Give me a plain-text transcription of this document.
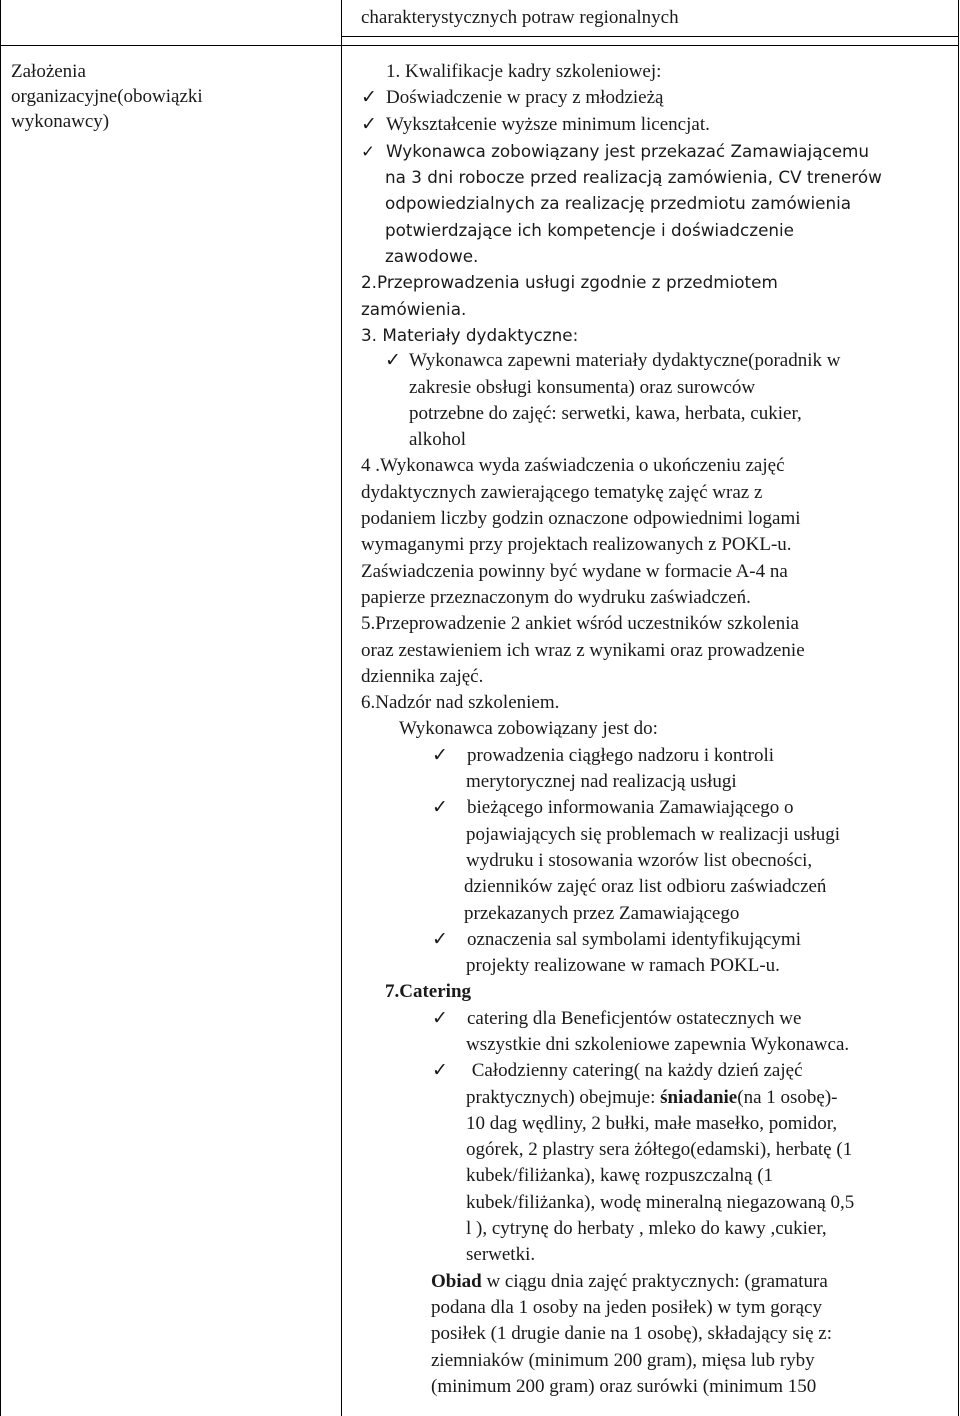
charakterystycznych potraw regionalnych
Założenia
organizacyjne(obowiązki
wykonawcy)
1. Kwalifikacje kadry szkoleniowej:
✓ Doświadczenie w pracy z młodzieżą
✓ Wykształcenie wyższe minimum licencjat.
✓ Wykonawca zobowiązany jest przekazać Zamawiającemu
na 3 dni robocze przed realizacją zamówienia, CV trenerów
odpowiedzialnych za realizację przedmiotu zamówienia
potwierdzające ich kompetencje i doświadczenie
zawodowe.
2.Przeprowadzenia usługi zgodnie z przedmiotem
zamówienia.
3. Materiały dydaktyczne:
✓ Wykonawca zapewni materiały dydaktyczne(poradnik w
zakresie obsługi konsumenta) oraz surowców
potrzebne do zajęć: serwetki, kawa, herbata, cukier,
alkohol
4 .Wykonawca wyda zaświadczenia o ukończeniu zajęć
dydaktycznych zawierającego tematykę zajęć wraz z
podaniem liczby godzin oznaczone odpowiednimi logami
wymaganymi przy projektach realizowanych z POKL-u.
Zaświadczenia powinny być wydane w formacie A-4 na
papierze przeznaczonym do wydruku zaświadczeń.
5.Przeprowadzenie 2 ankiet wśród uczestników szkolenia
oraz zestawieniem ich wraz z wynikami oraz prowadzenie
dziennika zajęć.
6.Nadzór nad szkoleniem.
Wykonawca zobowiązany jest do:
✓ prowadzenia ciągłego nadzoru i kontroli
merytorycznej nad realizacją usługi
✓ bieżącego informowania Zamawiającego o
pojawiających się problemach w realizacji usługi
wydruku i stosowania wzorów list obecności,
dzienników zajęć oraz list odbioru zaświadczeń
przekazanych przez Zamawiającego
✓ oznaczenia sal symbolami identyfikującymi
projekty realizowane w ramach POKL-u.
7.Catering
✓ catering dla Beneficjentów ostatecznych we
wszystkie dni szkoleniowe zapewnia Wykonawca.
✓ Całodzienny catering( na każdy dzień zajęć
praktycznych) obejmuje: śniadanie(na 1 osobę)-
10 dag wędliny, 2 bułki, małe masełko, pomidor,
ogórek, 2 plastry sera żółtego(edamski), herbatę (1
kubek/filiżanka), kawę rozpuszczalną (1
kubek/filiżanka), wodę mineralną niegazowaną 0,5
l ), cytrynę do herbaty , mleko do kawy ,cukier,
serwetki.
Obiad w ciągu dnia zajęć praktycznych: (gramatura
podana dla 1 osoby na jeden posiłek) w tym gorący
posiłek (1 drugie danie na 1 osobę), składający się z:
ziemniaków (minimum 200 gram), mięsa lub ryby
(minimum 200 gram) oraz surówki (minimum 150
